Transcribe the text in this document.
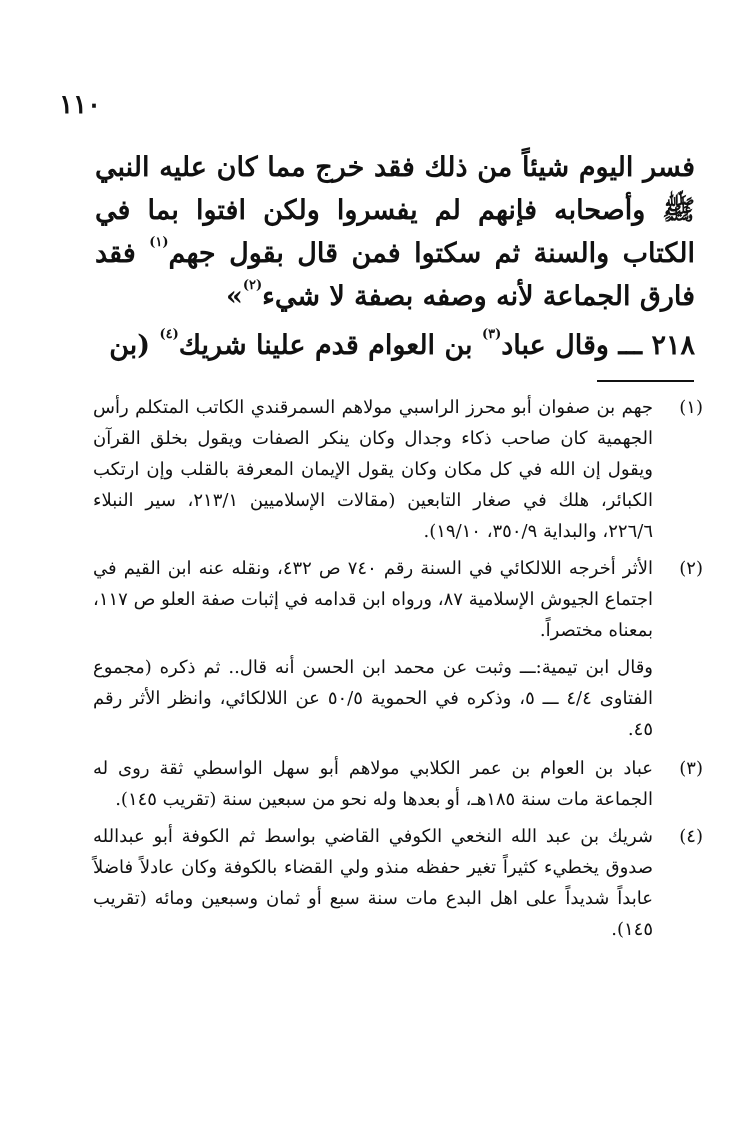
١١٠

فسر اليوم شيئاً من ذلك فقد خرج مما كان عليه النبي ﷺ وأصحابه فإنهم لم يفسروا ولكن افتوا بما في الكتاب والسنة ثم سكتوا فمن قال بقول جهم$^{(١)}$ فقد فارق الجماعة لأنه وصفه بصفة لا شيء$^{(٢)}$»

٢١٨ ـــ وقال عباد$^{(٣)}$ بن العوام قدم علينا شريك$^{(٤)}$ (بن

(١)

جهم بن صفوان أبو محرز الراسبي مولاهم السمرقندي الكاتب المتكلم رأس الجهمية كان صاحب ذكاء وجدال وكان ينكر الصفات ويقول بخلق القرآن ويقول إن الله في كل مكان وكان يقول الإيمان المعرفة بالقلب وإن ارتكب الكبائر، هلك في صغار التابعين (مقالات الإسلاميين ٢١٣/١، سير النبلاء ٢٢٦/٦، والبداية ٣٥٠/٩، ١٩/١٠).

(٢)

الأثر أخرجه اللالكائي في السنة رقم ٧٤٠ ص ٤٣٢، ونقله عنه ابن القيم في اجتماع الجيوش الإسلامية ٨٧، ورواه ابن قدامه في إثبات صفة العلو ص ١١٧، بمعناه مختصراً.

وقال ابن تيمية:ـــ وثبت عن محمد ابن الحسن أنه قال.. ثم ذكره (مجموع الفتاوى ٤/٤ ـــ ٥، وذكره في الحموية ٥٠/٥ عن اللالكائي، وانظر الأثر رقم ٤٥.

(٣)

عباد بن العوام بن عمر الكلابي مولاهم أبو سهل الواسطي ثقة روى له الجماعة مات سنة ١٨٥هـ، أو بعدها وله نحو من سبعين سنة (تقريب ١٤٥).

(٤)

شريك بن عبد الله النخعي الكوفي القاضي بواسط ثم الكوفة أبو عبدالله صدوق يخطيء كثيراً تغير حفظه منذو ولي القضاء بالكوفة وكان عادلاً فاضلاً عابداً شديداً على اهل البدع مات سنة سبع أو ثمان وسبعين ومائه (تقريب ١٤٥).
